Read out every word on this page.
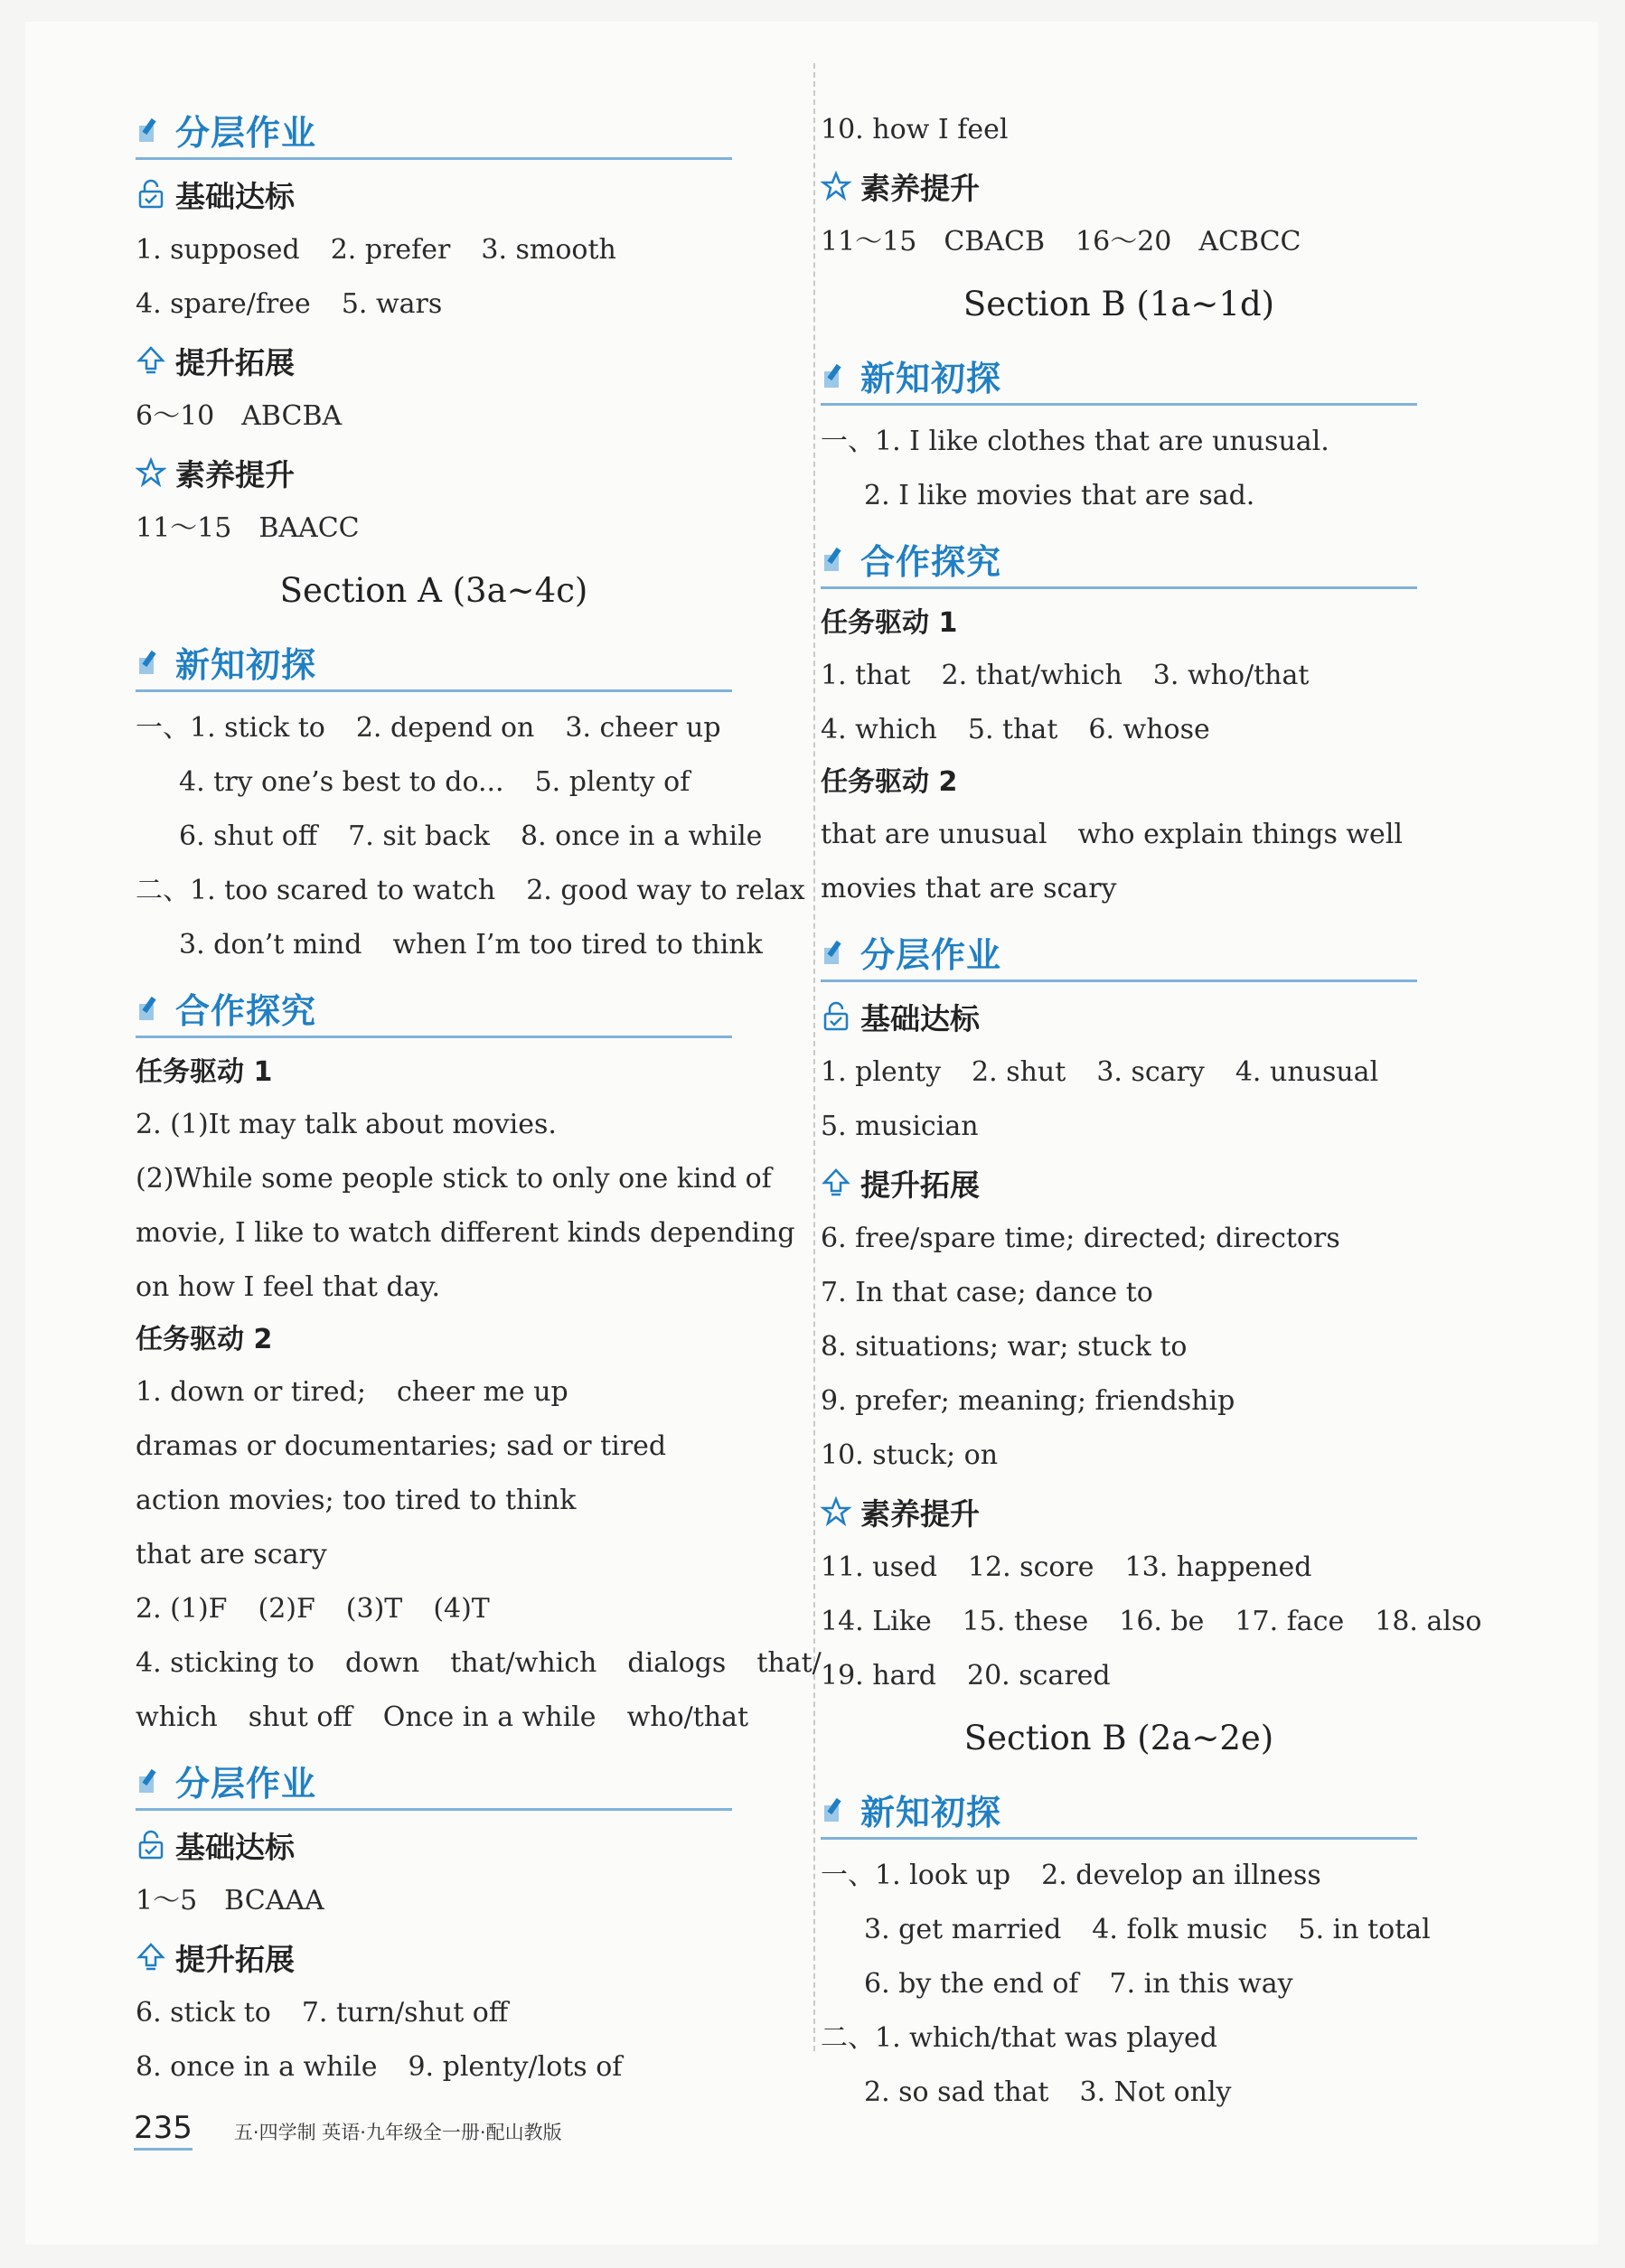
分层作业
基础达标
1. supposed 2. prefer 3. smooth
4. spare/free 5. wars
提升拓展
6～10　ABCBA
素养提升
11～15　BAACC
Section A (3a~4c)
新知初探
一、1. stick to 2. depend on 3. cheer up
4. try one’s best to do... 5. plenty of
6. shut off 7. sit back 8. once in a while
二、1. too scared to watch 2. good way to relax
3. don’t mind when I’m too tired to think
合作探究
任务驱动 1
2. (1)It may talk about movies.
(2)While some people stick to only one kind of
movie, I like to watch different kinds depending
on how I feel that day.
任务驱动 2
1. down or tired; cheer me up
dramas or documentaries; sad or tired
action movies; too tired to think
that are scary
2. (1)F (2)F (3)T (4)T
4. sticking to down that/which dialogs that/
which shut off Once in a while who/that
分层作业
基础达标
1～5　BCAAA
提升拓展
6. stick to 7. turn/shut off
8. once in a while 9. plenty/lots of
10. how I feel
素养提升
11～15　CBACB 16～20　ACBCC
Section B (1a~1d)
新知初探
一、1. I like clothes that are unusual.
2. I like movies that are sad.
合作探究
任务驱动 1
1. that 2. that/which 3. who/that
4. which 5. that 6. whose
任务驱动 2
that are unusual who explain things well
movies that are scary
分层作业
基础达标
1. plenty 2. shut 3. scary 4. unusual
5. musician
提升拓展
6. free/spare time; directed; directors
7. In that case; dance to
8. situations; war; stuck to
9. prefer; meaning; friendship
10. stuck; on
素养提升
11. used 12. score 13. happened
14. Like 15. these 16. be 17. face 18. also
19. hard 20. scared
Section B (2a~2e)
新知初探
一、1. look up 2. develop an illness
3. get married 4. folk music 5. in total
6. by the end of 7. in this way
二、1. which/that was played
2. so sad that 3. Not only
235 五·四学制 英语·九年级全一册·配山教版
